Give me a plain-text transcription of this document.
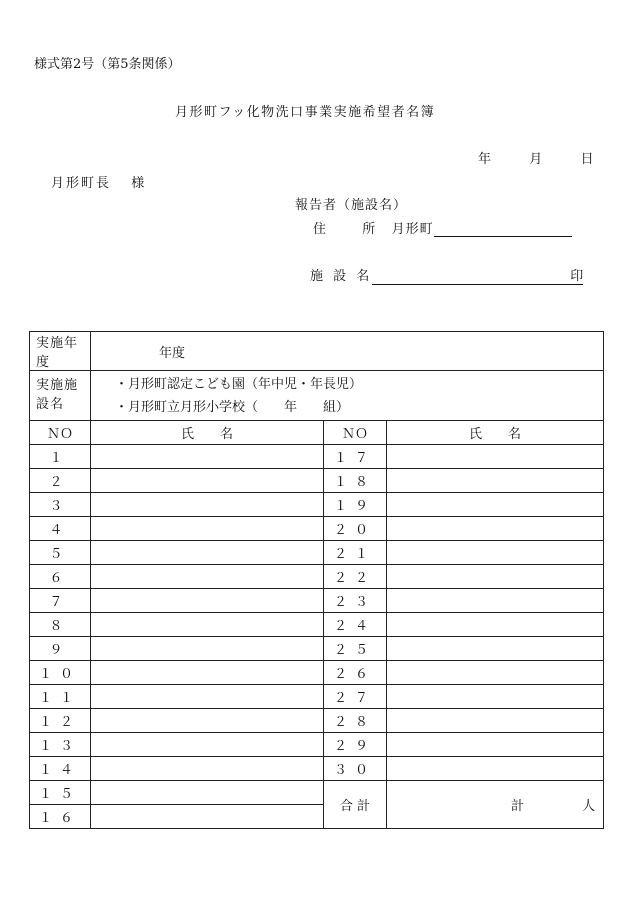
様式第2号（第5条関係）
月形町フッ化物洗口事業実施希望者名簿
年	月	日
月形町長 様
報告者（施設名）
住	所 月形町
施 設 名	印
実施年度	年度		
実施施設名	・月形町認定こども園（年中児・年長児）
・月形町立月形小学校（　　年　　組）		

ＮＯ	氏 名	ＮＯ	氏 名
１		１７	
２		１８	
３		１９	
４		２０	
５		２１	
６		２２	
７		２３	
８		２４	
９		２５	
１０		２６	
１１		２７	
１２		２８	
１３		２９	
１４		３０	
１５		合 計	計 人

１６			
